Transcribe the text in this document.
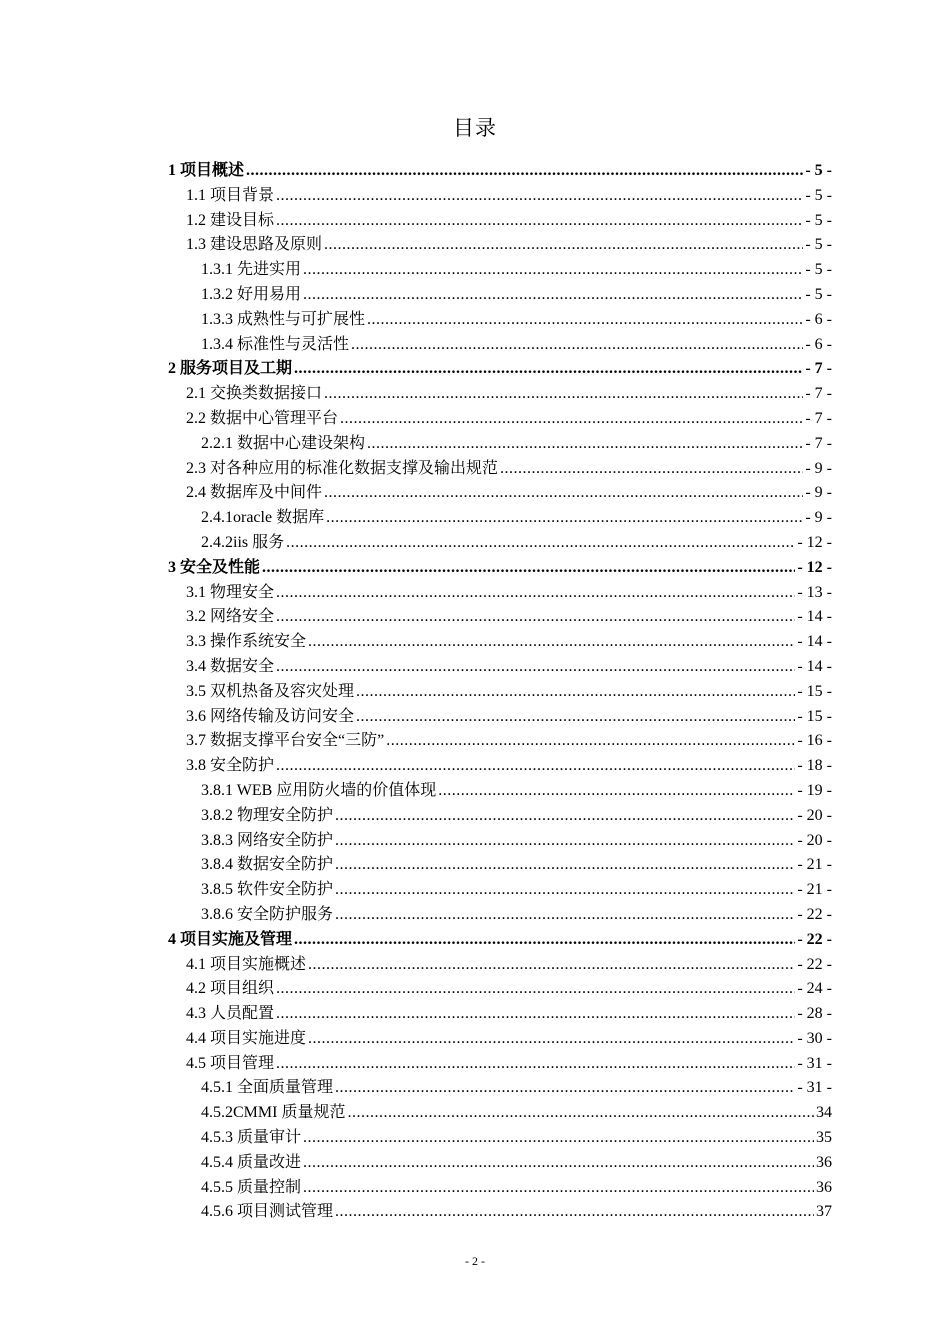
目录
1 项目概述 .....	- 5 -
1.1 项目背景 .....	- 5 -
1.2 建设目标 .....	- 5 -
1.3 建设思路及原则 .....	- 5 -
1.3.1 先进实用 .....	- 5 -
1.3.2 好用易用 .....	- 5 -
1.3.3 成熟性与可扩展性 .....	- 6 -
1.3.4 标准性与灵活性 .....	- 6 -
2 服务项目及工期 .....	- 7 -
2.1 交换类数据接口 .....	- 7 -
2.2 数据中心管理平台 .....	- 7 -
2.2.1 数据中心建设架构 .....	- 7 -
2.3 对各种应用的标准化数据支撑及输出规范 .....	- 9 -
2.4 数据库及中间件 .....	- 9 -
2.4.1oracle 数据库 .....	- 9 -
2.4.2iis 服务 .....	- 12 -
3 安全及性能 .....	- 12 -
3.1 物理安全 .....	- 13 -
3.2 网络安全 .....	- 14 -
3.3 操作系统安全 .....	- 14 -
3.4 数据安全 .....	- 14 -
3.5 双机热备及容灾处理 .....	- 15 -
3.6 网络传输及访问安全 .....	- 15 -
3.7 数据支撑平台安全“三防” .....	- 16 -
3.8 安全防护 .....	- 18 -
3.8.1 WEB 应用防火墙的价值体现 .....	- 19 -
3.8.2 物理安全防护 .....	- 20 -
3.8.3 网络安全防护 .....	- 20 -
3.8.4 数据安全防护 .....	- 21 -
3.8.5 软件安全防护 .....	- 21 -
3.8.6 安全防护服务 .....	- 22 -
4 项目实施及管理 .....	- 22 -
4.1 项目实施概述 .....	- 22 -
4.2 项目组织 .....	- 24 -
4.3 人员配置 .....	- 28 -
4.4 项目实施进度 .....	- 30 -
4.5 项目管理 .....	- 31 -
4.5.1 全面质量管理 .....	- 31 -
4.5.2CMMI 质量规范 .....	34
4.5.3 质量审计 .....	35
4.5.4 质量改进 .....	36
4.5.5 质量控制 .....	36
4.5.6 项目测试管理 .....	37
- 2 -
